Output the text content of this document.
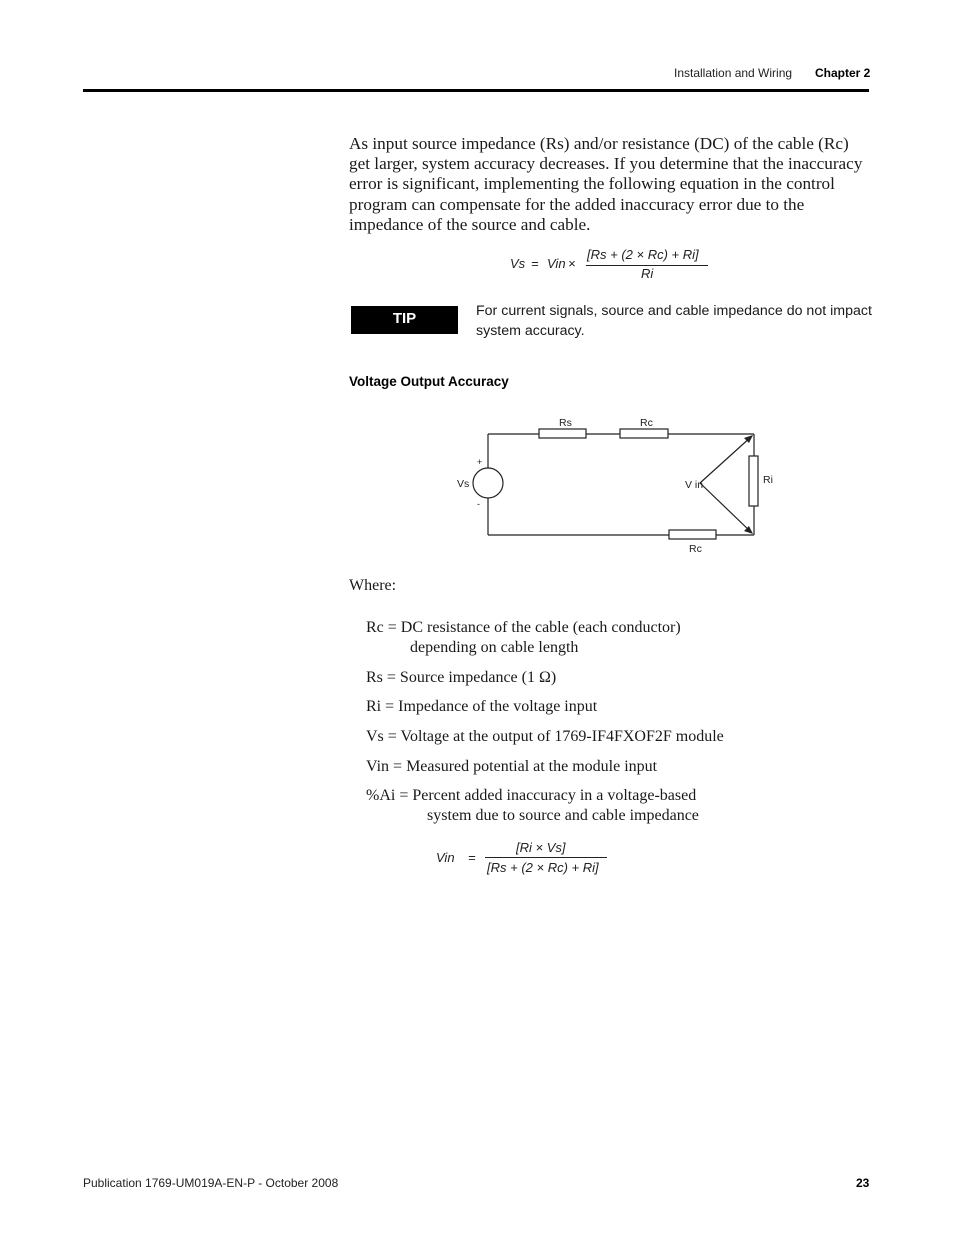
Installation and Wiring Chapter 2

As input source impedance (Rs) and/or resistance (DC) of the cable (Rc) get larger, system accuracy decreases. If you determine that the inaccuracy error is significant, implementing the following equation in the control program can compensate for the added inaccuracy error due to the impedance of the source and cable.

Vs = Vin ×
[Rs + (2 × Rc) + Ri]
Ri
TIP	For current signals, source and cable impedance do not impact system accuracy.
Voltage Output Accuracy
Rs	Rc
Ri
Vs	V in
Rc
+
-
Where:
Rc = DC resistance of the cable (each conductor)
depending on cable length
Rs = Source impedance (1 Ω)
Ri = Impedance of the voltage input
Vs = Voltage at the output of 1769-IF4FXOF2F module
Vin = Measured potential at the module input
%Ai = Percent added inaccuracy in a voltage-based
system due to source and cable impedance
Vin =
[Ri × Vs]
[Rs + (2 × Rc) + Ri]
Publication 1769-UM019A-EN-P - October 2008	23
